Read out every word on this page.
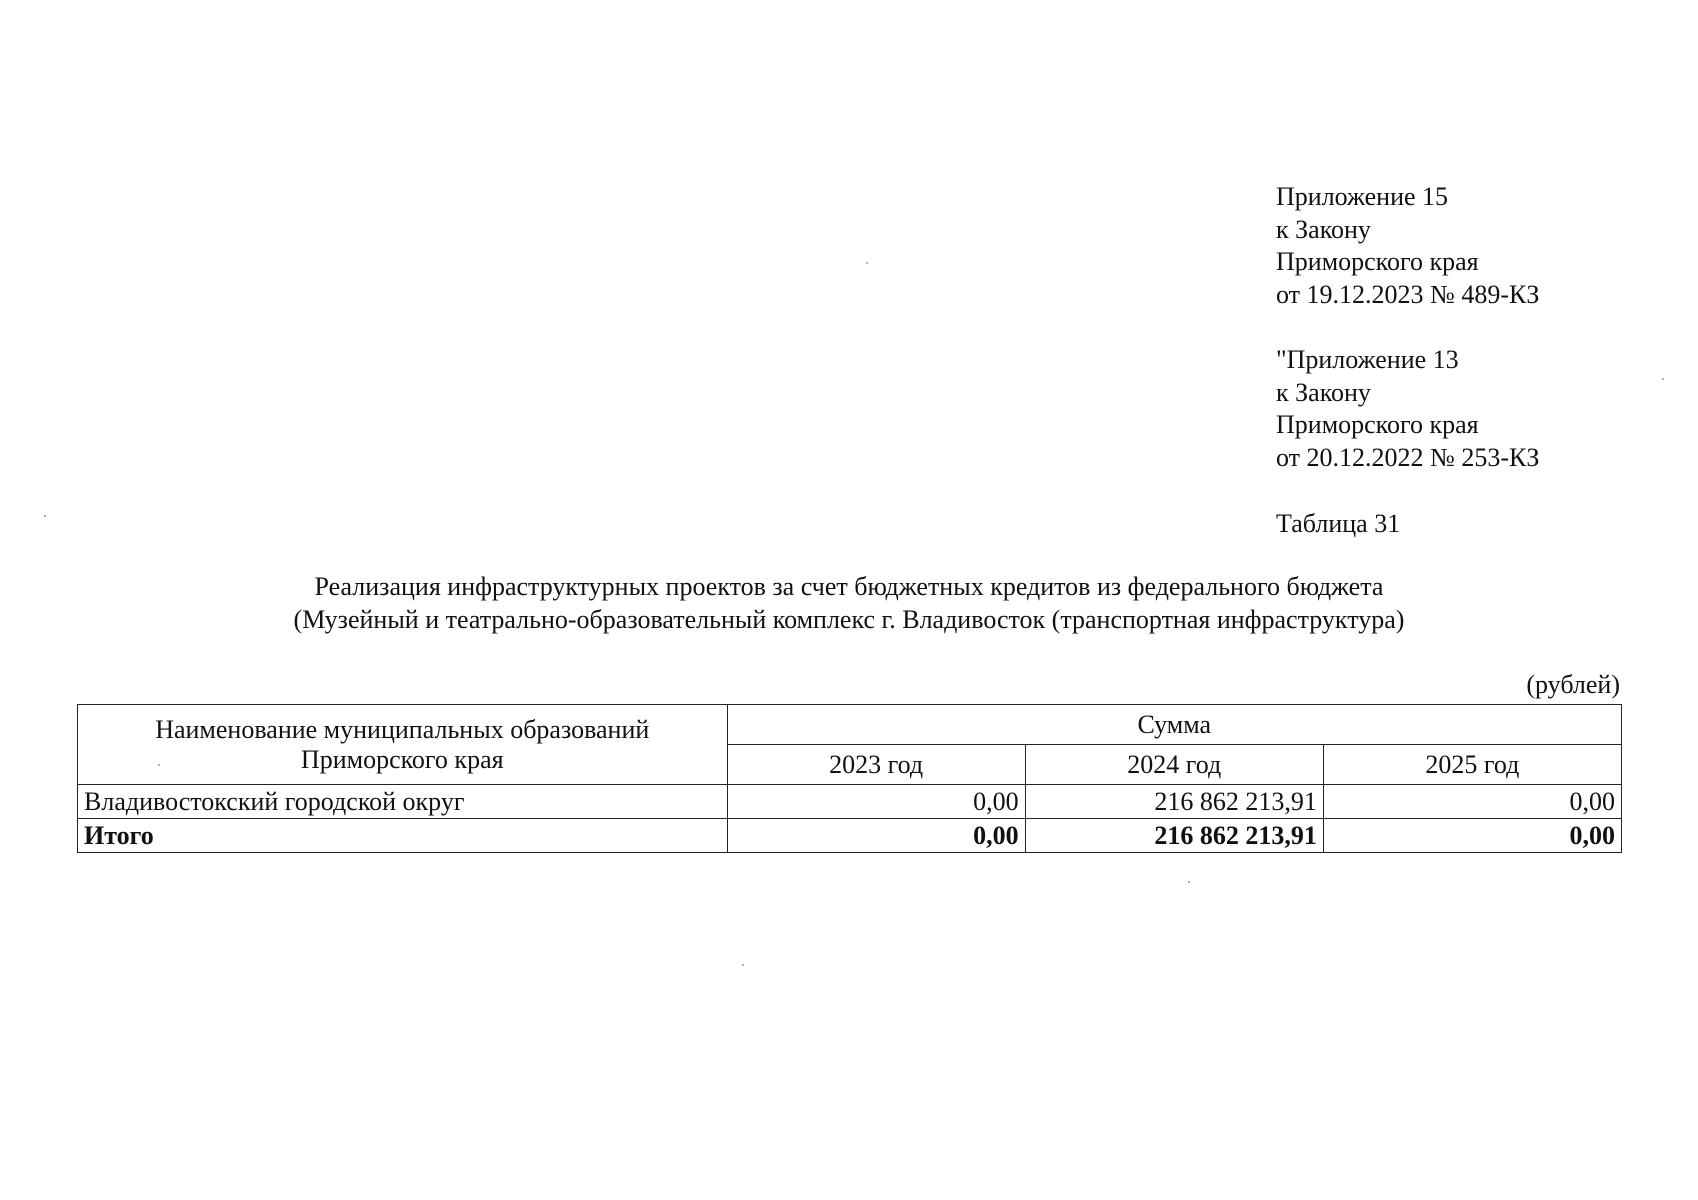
Приложение 15
к Закону
Приморского края
от 19.12.2023 № 489-КЗ
"Приложение 13
к Закону
Приморского края
от 20.12.2022 № 253-КЗ
Таблица 31
Реализация инфраструктурных проектов за счет бюджетных кредитов из федерального бюджета
(Музейный и театрально-образовательный комплекс г. Владивосток (транспортная инфраструктура)
(рублей)
Наименование муниципальных образований Приморского края	Сумма		
	2023 год	2024 год	2025 год
Владивостокский городской округ	0,00	216 862 213,91	0,00
Итого	0,00	216 862 213,91	0,00
